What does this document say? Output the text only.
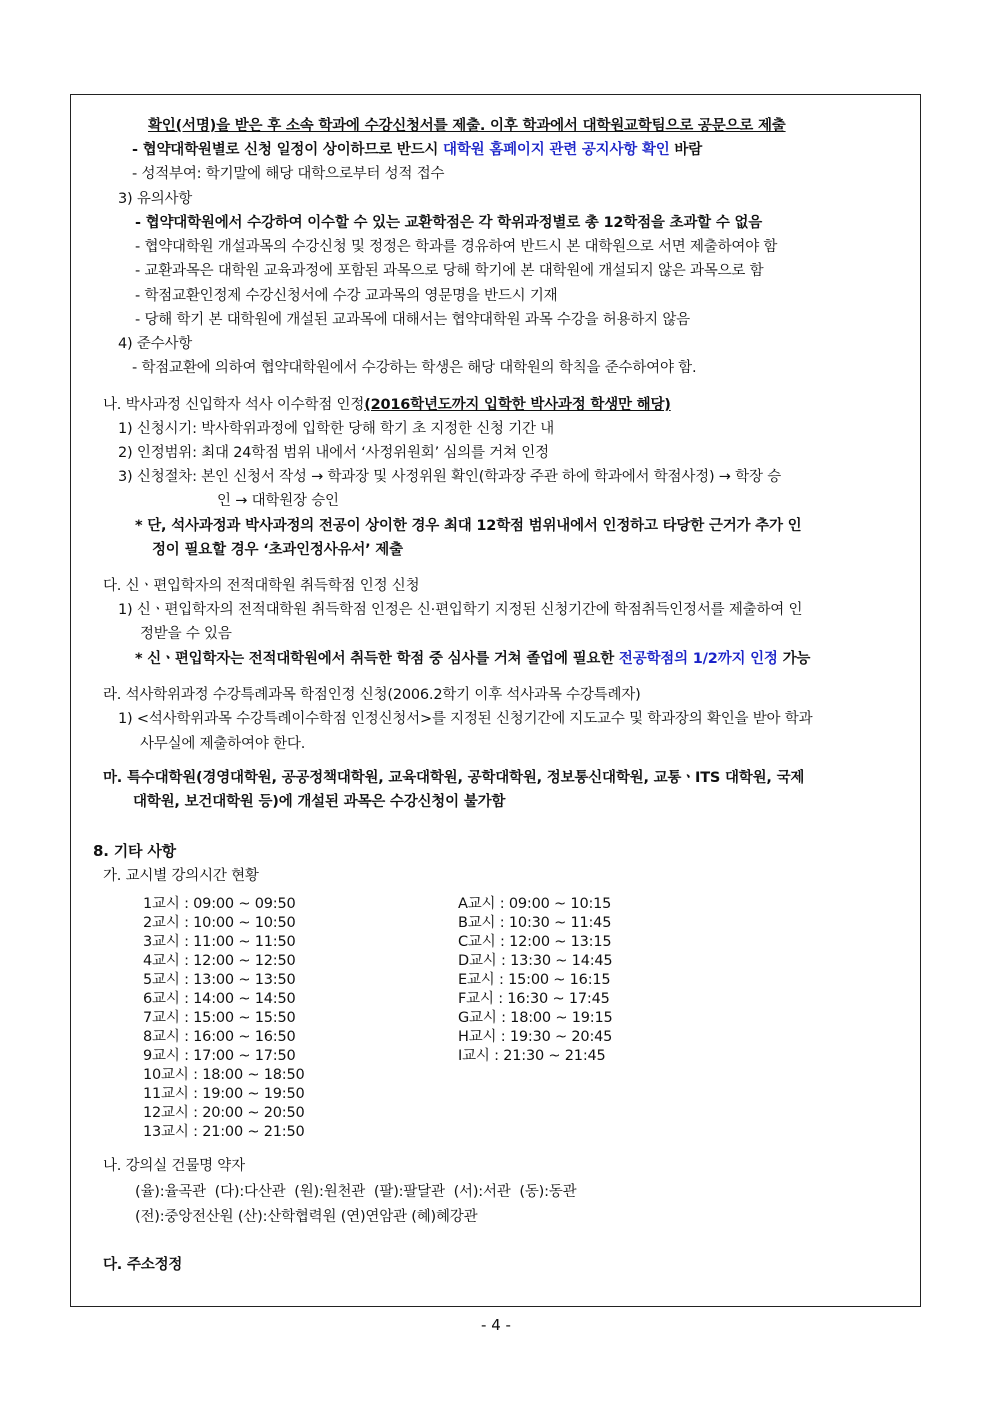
확인(서명)을 받은 후 소속 학과에 수강신청서를 제출. 이후 학과에서 대학원교학팀으로 공문으로 제출
- 협약대학원별로 신청 일정이 상이하므로 반드시 대학원 홈페이지 관련 공지사항 확인 바람
- 성적부여: 학기말에 해당 대학으로부터 성적 접수
3) 유의사항
- 협약대학원에서 수강하여 이수할 수 있는 교환학점은 각 학위과정별로 총 12학점을 초과할 수 없음
- 협약대학원 개설과목의 수강신청 및 정정은 학과를 경유하여 반드시 본 대학원으로 서면 제출하여야 함
- 교환과목은 대학원 교육과정에 포함된 과목으로 당해 학기에 본 대학원에 개설되지 않은 과목으로 함
- 학점교환인정제 수강신청서에 수강 교과목의 영문명을 반드시 기재
- 당해 학기 본 대학원에 개설된 교과목에 대해서는 협약대학원 과목 수강을 허용하지 않음
4) 준수사항
- 학점교환에 의하여 협약대학원에서 수강하는 학생은 해당 대학원의 학칙을 준수하여야 함.
나. 박사과정 신입학자 석사 이수학점 인정(2016학년도까지 입학한 박사과정 학생만 해당)
1) 신청시기: 박사학위과정에 입학한 당해 학기 초 지정한 신청 기간 내
2) 인정범위: 최대 24학점 범위 내에서 ‘사정위원회’ 심의를 거쳐 인정
3) 신청절차: 본인 신청서 작성 → 학과장 및 사정위원 확인(학과장 주관 하에 학과에서 학점사정) → 학장 승
인 → 대학원장 승인
* 단, 석사과정과 박사과정의 전공이 상이한 경우 최대 12학점 범위내에서 인정하고 타당한 근거가 추가 인
정이 필요할 경우 ‘초과인정사유서’ 제출
다. 신ㆍ편입학자의 전적대학원 취득학점 인정 신청
1) 신ㆍ편입학자의 전적대학원 취득학점 인정은 신·편입학기 지정된 신청기간에 학점취득인정서를 제출하여 인
정받을 수 있음
* 신ㆍ편입학자는 전적대학원에서 취득한 학점 중 심사를 거쳐 졸업에 필요한 전공학점의 1/2까지 인정 가능
라. 석사학위과정 수강특례과목 학점인정 신청(2006.2학기 이후 석사과목 수강특례자)
1) <석사학위과목 수강특례이수학점 인정신청서>를 지정된 신청기간에 지도교수 및 학과장의 확인을 받아 학과
사무실에 제출하여야 한다.
마. 특수대학원(경영대학원, 공공정책대학원, 교육대학원, 공학대학원, 정보통신대학원, 교통ㆍITS 대학원, 국제
대학원, 보건대학원 등)에 개설된 과목은 수강신청이 불가함
8. 기타 사항
가. 교시별 강의시간 현황
1교시 : 09:00 ~ 09:50
2교시 : 10:00 ~ 10:50
3교시 : 11:00 ~ 11:50
4교시 : 12:00 ~ 12:50
5교시 : 13:00 ~ 13:50
6교시 : 14:00 ~ 14:50
7교시 : 15:00 ~ 15:50
8교시 : 16:00 ~ 16:50
9교시 : 17:00 ~ 17:50
10교시 : 18:00 ~ 18:50
11교시 : 19:00 ~ 19:50
12교시 : 20:00 ~ 20:50
13교시 : 21:00 ~ 21:50
A교시 : 09:00 ~ 10:15
B교시 : 10:30 ~ 11:45
C교시 : 12:00 ~ 13:15
D교시 : 13:30 ~ 14:45
E교시 : 15:00 ~ 16:15
F교시 : 16:30 ~ 17:45
G교시 : 18:00 ~ 19:15
H교시 : 19:30 ~ 20:45
I교시 : 21:30 ~ 21:45
나. 강의실 건물명 약자
(율):율곡관  (다):다산관  (원):원천관  (팔):팔달관  (서):서관  (동):동관
(전):중앙전산원 (산):산학협력원 (연)연암관 (혜)혜강관
다. 주소정정
- 4 -
